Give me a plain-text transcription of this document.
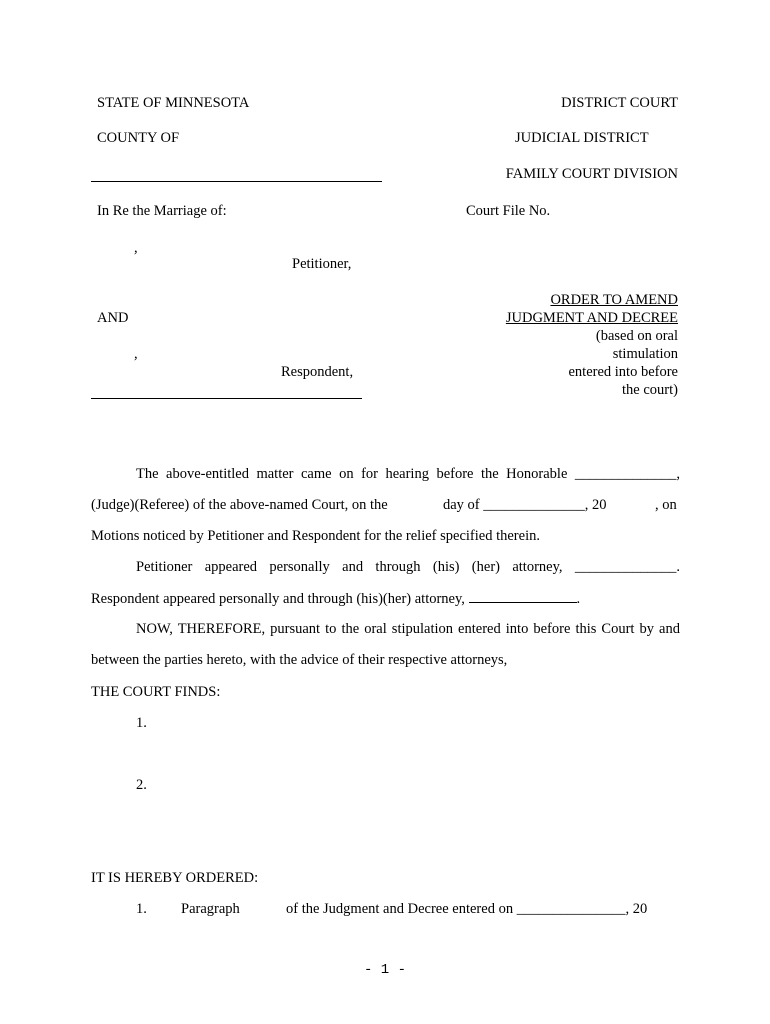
STATE OF MINNESOTA	DISTRICT COURT
COUNTY OF	JUDICIAL DISTRICT
FAMILY COURT DIVISION
In Re the Marriage of:	Court File No.
,
Petitioner,
AND
,
Respondent,
ORDER TO AMEND
JUDGMENT AND DECREE
(based on oral
stimulation
entered into before
the court)
The above-entitled matter came on for hearing before the Honorable ______________,
(Judge)(Referee) of the above-named Court, on the	day of ______________, 20	, on
Motions noticed by Petitioner and Respondent for the relief specified therein.
Petitioner appeared personally and through (his) (her) attorney, ______________.
Respondent appeared personally and through (his)(her) attorney,	.
NOW, THEREFORE, pursuant to the oral stipulation entered into before this Court by and
between the parties hereto, with the advice of their respective attorneys,
THE COURT FINDS:
1.
2.
IT IS HEREBY ORDERED:
1. Paragraph	of the Judgment and Decree entered on _______________, 20
- 1 -
